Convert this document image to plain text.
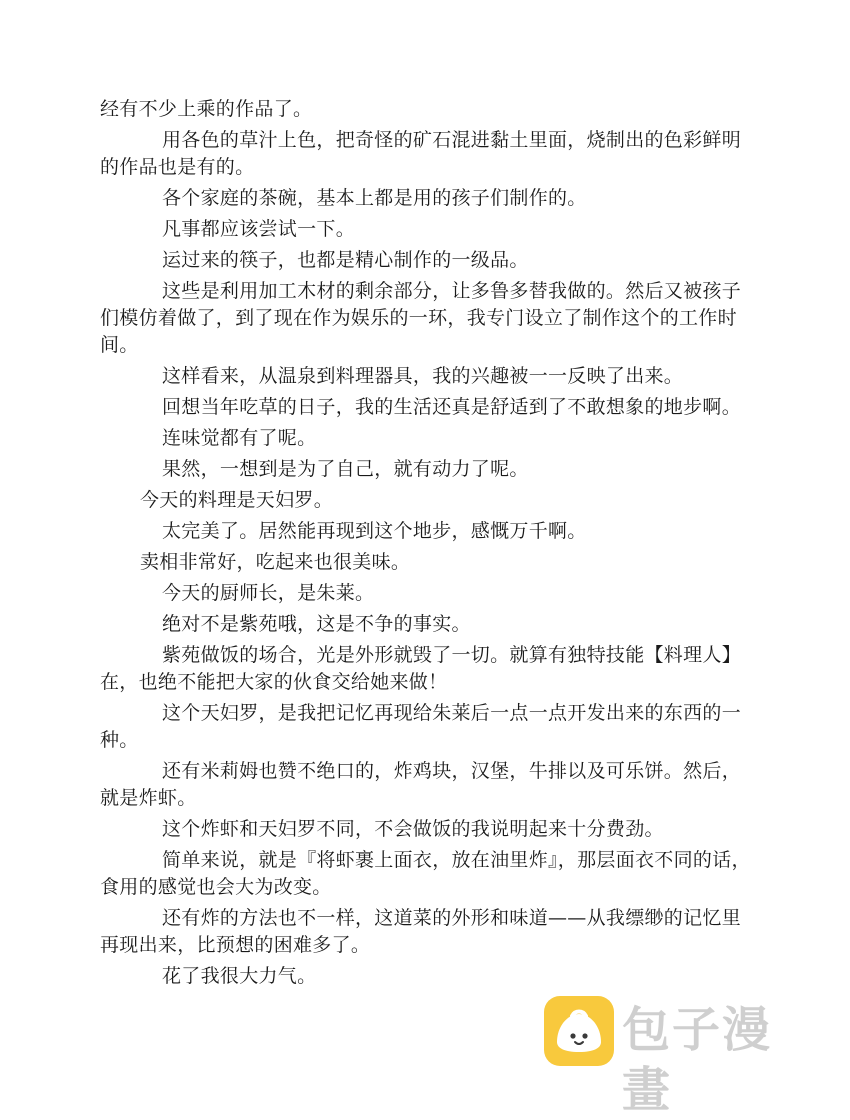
经有不少上乘的作品了。

用各色的草汁上色，把奇怪的矿石混进黏土里面，烧制出的色彩鲜明的作品也是有的。

各个家庭的茶碗，基本上都是用的孩子们制作的。

凡事都应该尝试一下。

运过来的筷子，也都是精心制作的一级品。

这些是利用加工木材的剩余部分，让多鲁多替我做的。然后又被孩子们模仿着做了，到了现在作为娱乐的一环，我专门设立了制作这个的工作时间。

这样看来，从温泉到料理器具，我的兴趣被一一反映了出来。

回想当年吃草的日子，我的生活还真是舒适到了不敢想象的地步啊。

连味觉都有了呢。

果然，一想到是为了自己，就有动力了呢。

今天的料理是天妇罗。

太完美了。居然能再现到这个地步，感慨万千啊。

卖相非常好，吃起来也很美味。

今天的厨师长，是朱莱。

绝对不是紫苑哦，这是不争的事实。

紫苑做饭的场合，光是外形就毁了一切。就算有独特技能【料理人】在，也绝不能把大家的伙食交给她来做！

这个天妇罗，是我把记忆再现给朱莱后一点一点开发出来的东西的一种。

还有米莉姆也赞不绝口的，炸鸡块，汉堡，牛排以及可乐饼。然后，就是炸虾。

这个炸虾和天妇罗不同，不会做饭的我说明起来十分费劲。

简单来说，就是『将虾裹上面衣，放在油里炸』，那层面衣不同的话，食用的感觉也会大为改变。

还有炸的方法也不一样，这道菜的外形和味道——从我缥缈的记忆里再现出来，比预想的困难多了。

花了我很大力气。

包子漫畫
